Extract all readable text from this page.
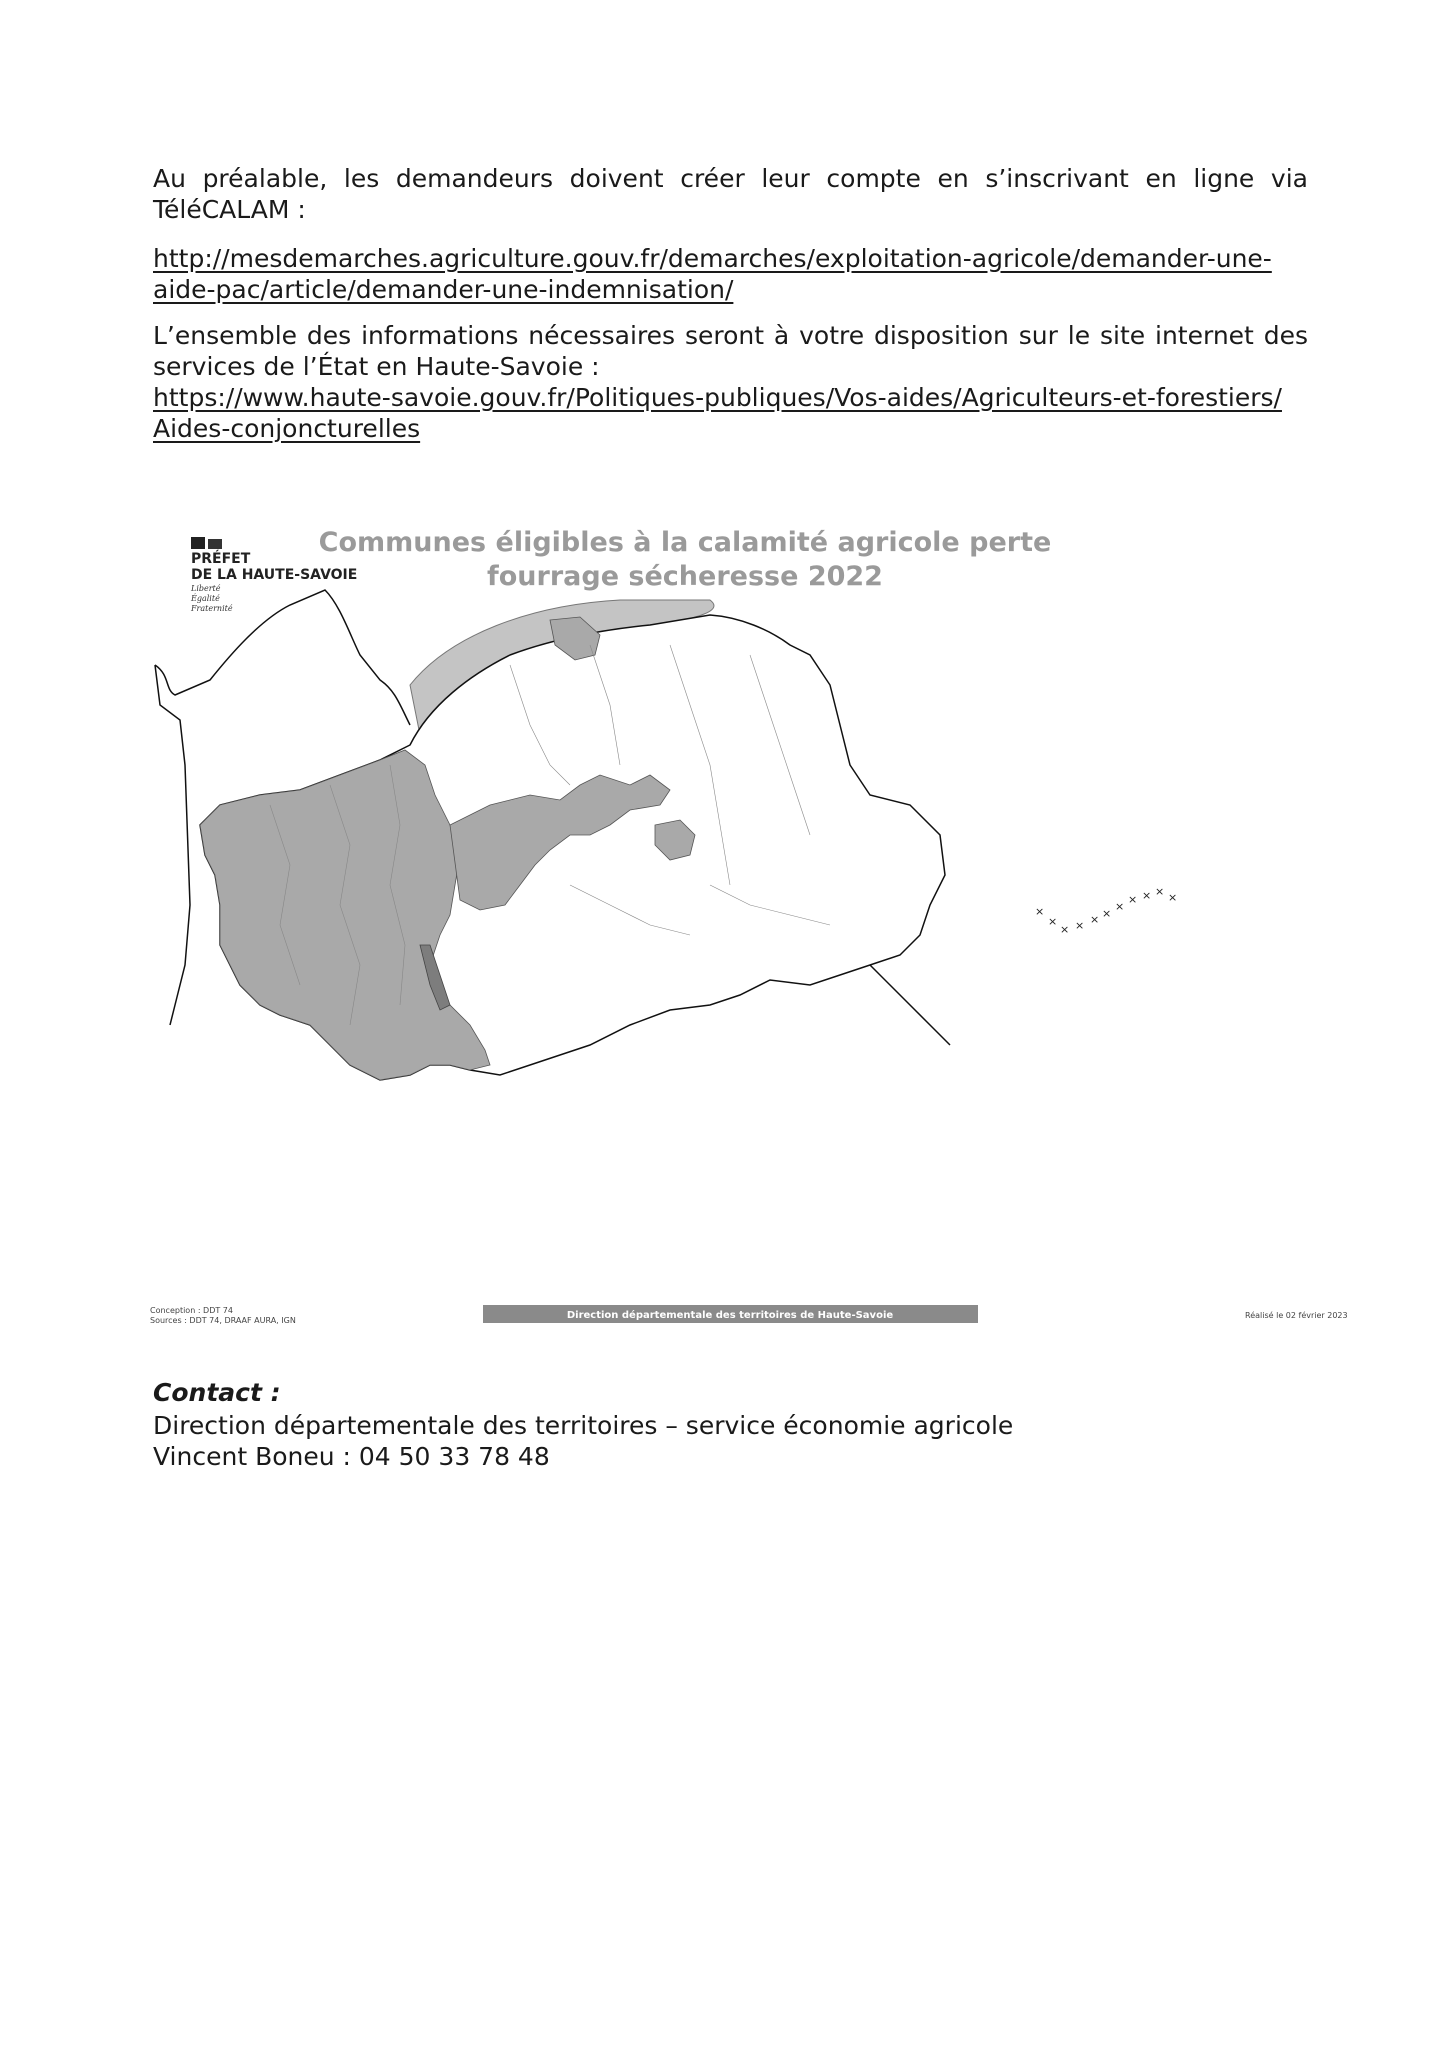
Au préalable, les demandeurs doivent créer leur compte en s’inscrivant en ligne via
TéléCALAM :
http://mesdemarches.agriculture.gouv.fr/demarches/exploitation-agricole/demander-une-
aide-pac/article/demander-une-indemnisation/
L’ensemble des informations nécessaires seront à votre disposition sur le site internet des
services de l’État en Haute-Savoie :
https://www.haute-savoie.gouv.fr/Politiques-publiques/Vos-aides/Agriculteurs-et-forestiers/
Aides-conjoncturelles
PRÉFET
DE LA HAUTE-SAVOIE
Liberté
Égalité
Fraternité
Communes éligibles à la calamité agricole perte
fourrage sécheresse 2022
×
×
× × × ×
×
× × × ×
Conception : DDT 74
Sources : DDT 74, DRAAF AURA, IGN	Direction départementale des territoires de Haute-Savoie	Réalisé le 02 février 2023
Contact :
Direction départementale des territoires – service économie agricole
Vincent Boneu : 04 50 33 78 48
